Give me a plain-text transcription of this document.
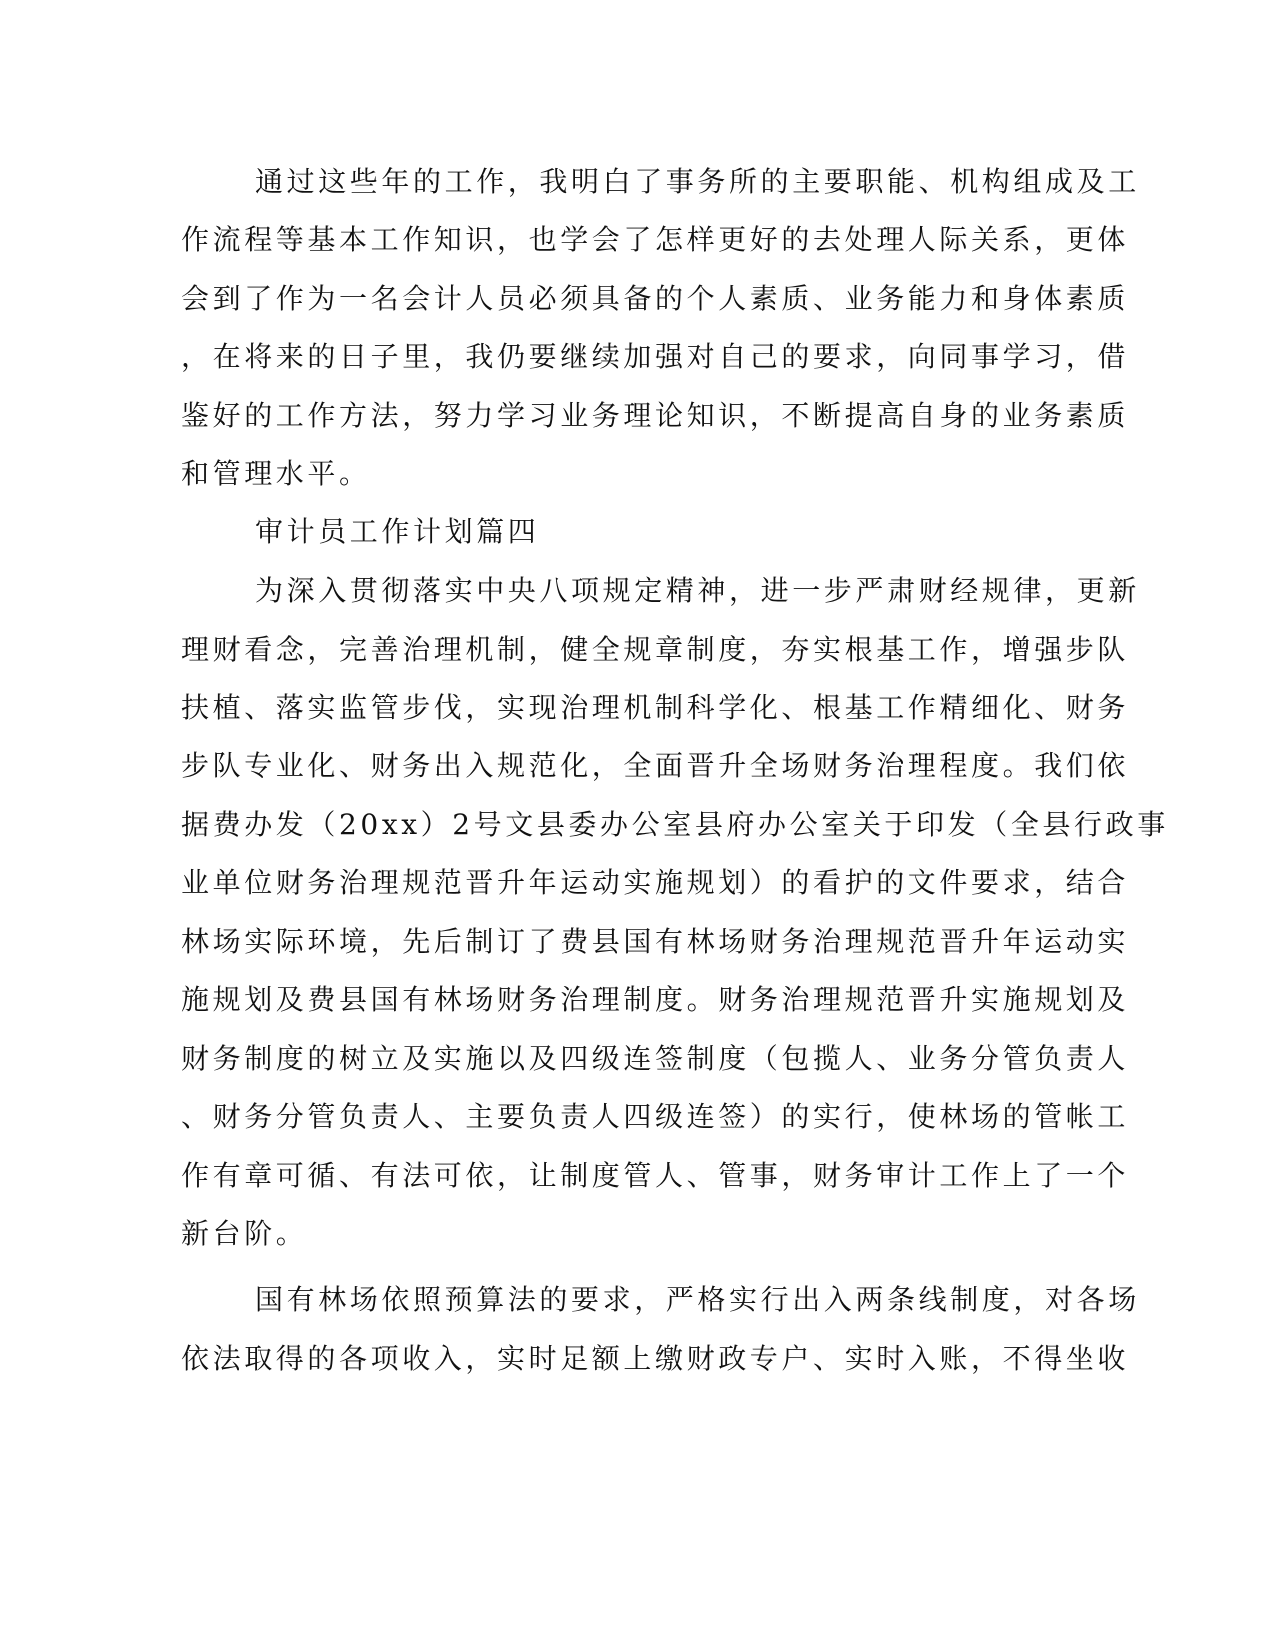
通过这些年的工作，我明白了事务所的主要职能、机构组成及工
作流程等基本工作知识，也学会了怎样更好的去处理人际关系，更体
会到了作为一名会计人员必须具备的个人素质、业务能力和身体素质
，在将来的日子里，我仍要继续加强对自己的要求，向同事学习，借
鉴好的工作方法，努力学习业务理论知识，不断提高自身的业务素质
和管理水平。
审计员工作计划篇四
为深入贯彻落实中央八项规定精神，进一步严肃财经规律，更新
理财看念，完善治理机制，健全规章制度，夯实根基工作，增强步队
扶植、落实监管步伐，实现治理机制科学化、根基工作精细化、财务
步队专业化、财务出入规范化，全面晋升全场财务治理程度。我们依
据费办发（20xx）2号文县委办公室县府办公室关于印发（全县行政事
业单位财务治理规范晋升年运动实施规划）的看护的文件要求，结合
林场实际环境，先后制订了费县国有林场财务治理规范晋升年运动实
施规划及费县国有林场财务治理制度。财务治理规范晋升实施规划及
财务制度的树立及实施以及四级连签制度（包揽人、业务分管负责人
、财务分管负责人、主要负责人四级连签）的实行，使林场的管帐工
作有章可循、有法可依，让制度管人、管事，财务审计工作上了一个
新台阶。
国有林场依照预算法的要求，严格实行出入两条线制度，对各场
依法取得的各项收入，实时足额上缴财政专户、实时入账，不得坐收
